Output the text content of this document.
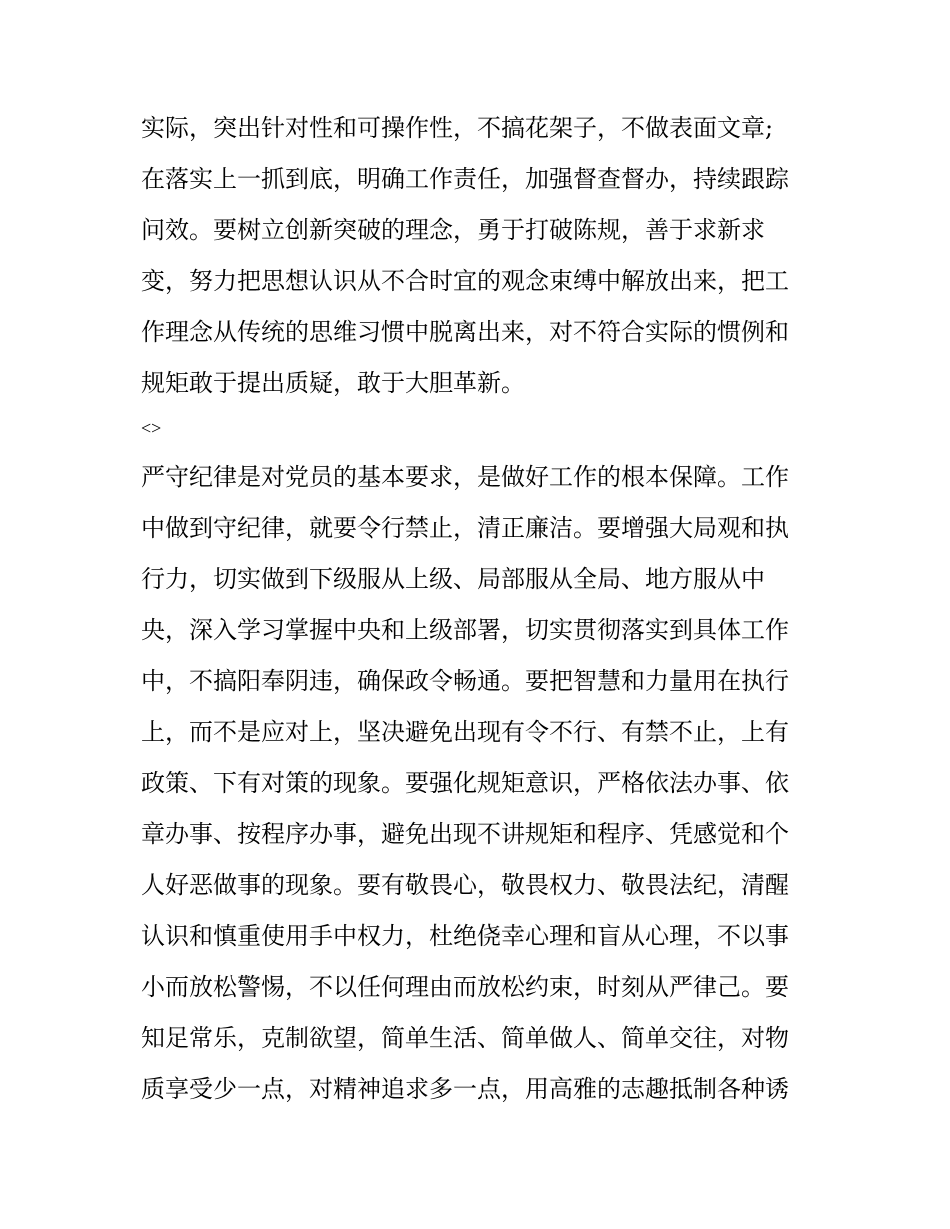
实际，突出针对性和可操作性，不搞花架子，不做表面文章;
在落实上一抓到底，明确工作责任，加强督查督办，持续跟踪
问效。要树立创新突破的理念，勇于打破陈规，善于求新求
变，努力把思想认识从不合时宜的观念束缚中解放出来，把工
作理念从传统的思维习惯中脱离出来，对不符合实际的惯例和
规矩敢于提出质疑，敢于大胆革新。
<>
严守纪律是对党员的基本要求，是做好工作的根本保障。工作
中做到守纪律，就要令行禁止，清正廉洁。要增强大局观和执
行力，切实做到下级服从上级、局部服从全局、地方服从中
央，深入学习掌握中央和上级部署，切实贯彻落实到具体工作
中，不搞阳奉阴违，确保政令畅通。要把智慧和力量用在执行
上，而不是应对上，坚决避免出现有令不行、有禁不止，上有
政策、下有对策的现象。要强化规矩意识，严格依法办事、依
章办事、按程序办事，避免出现不讲规矩和程序、凭感觉和个
人好恶做事的现象。要有敬畏心，敬畏权力、敬畏法纪，清醒
认识和慎重使用手中权力，杜绝侥幸心理和盲从心理，不以事
小而放松警惕，不以任何理由而放松约束，时刻从严律己。要
知足常乐，克制欲望，简单生活、简单做人、简单交往，对物
质享受少一点，对精神追求多一点，用高雅的志趣抵制各种诱
